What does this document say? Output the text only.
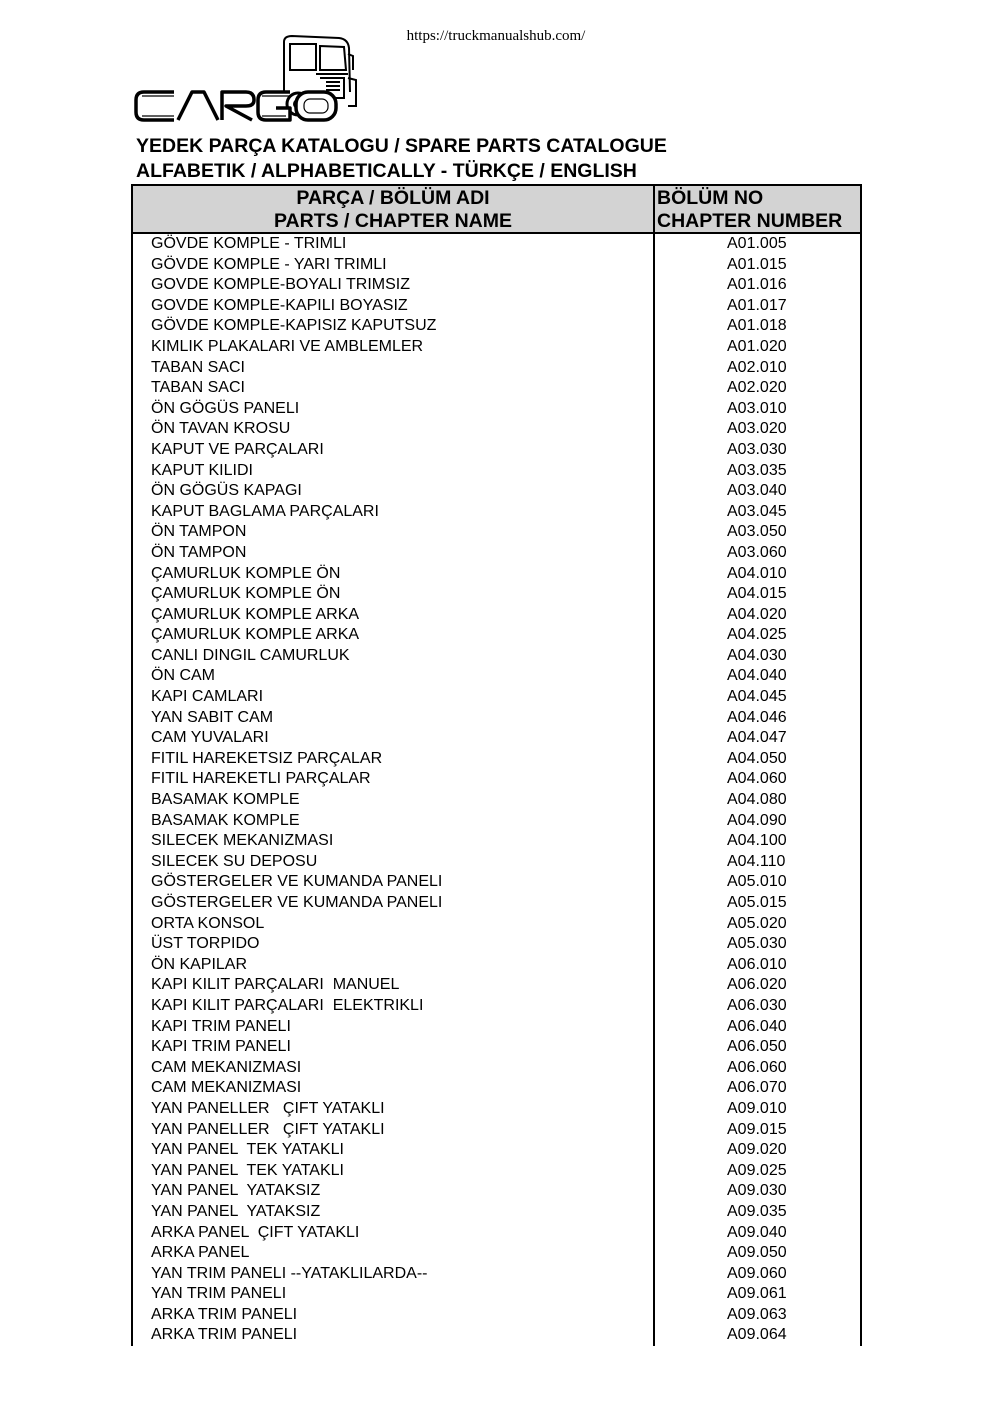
https://truckmanualshub.com/
YEDEK PARÇA KATALOGU / SPARE PARTS CATALOGUE
ALFABETIK / ALPHABETICALLY - TÜRKÇE / ENGLISH
PARÇA / BÖLÜM ADI
PARTS / CHAPTER NAME
BÖLÜM NO
CHAPTER NUMBER
GÖVDE KOMPLE - TRIMLI	A01.005
GÖVDE KOMPLE - YARI TRIMLI	A01.015
GOVDE KOMPLE-BOYALI TRIMSIZ	A01.016
GOVDE KOMPLE-KAPILI BOYASIZ	A01.017
GÖVDE KOMPLE-KAPISIZ KAPUTSUZ	A01.018
KIMLIK PLAKALARI VE AMBLEMLER	A01.020
TABAN SACI	A02.010
TABAN SACI	A02.020
ÖN GÖGÜS PANELI	A03.010
ÖN TAVAN KROSU	A03.020
KAPUT VE PARÇALARI	A03.030
KAPUT KILIDI	A03.035
ÖN GÖGÜS KAPAGI	A03.040
KAPUT BAGLAMA PARÇALARI	A03.045
ÖN TAMPON	A03.050
ÖN TAMPON	A03.060
ÇAMURLUK KOMPLE ÖN	A04.010
ÇAMURLUK KOMPLE ÖN	A04.015
ÇAMURLUK KOMPLE ARKA	A04.020
ÇAMURLUK KOMPLE ARKA	A04.025
CANLI DINGIL CAMURLUK	A04.030
ÖN CAM	A04.040
KAPI CAMLARI	A04.045
YAN SABIT CAM	A04.046
CAM YUVALARI	A04.047
FITIL HAREKETSIZ PARÇALAR	A04.050
FITIL HAREKETLI PARÇALAR	A04.060
BASAMAK KOMPLE	A04.080
BASAMAK KOMPLE	A04.090
SILECEK MEKANIZMASI	A04.100
SILECEK SU DEPOSU	A04.110
GÖSTERGELER VE KUMANDA PANELI	A05.010
GÖSTERGELER VE KUMANDA PANELI	A05.015
ORTA KONSOL	A05.020
ÜST TORPIDO	A05.030
ÖN KAPILAR	A06.010
KAPI KILIT PARÇALARI  MANUEL	A06.020
KAPI KILIT PARÇALARI  ELEKTRIKLI	A06.030
KAPI TRIM PANELI	A06.040
KAPI TRIM PANELI	A06.050
CAM MEKANIZMASI	A06.060
CAM MEKANIZMASI	A06.070
YAN PANELLER   ÇIFT YATAKLI	A09.010
YAN PANELLER   ÇIFT YATAKLI	A09.015
YAN PANEL  TEK YATAKLI	A09.020
YAN PANEL  TEK YATAKLI	A09.025
YAN PANEL  YATAKSIZ	A09.030
YAN PANEL  YATAKSIZ	A09.035
ARKA PANEL  ÇIFT YATAKLI	A09.040
ARKA PANEL	A09.050
YAN TRIM PANELI --YATAKLILARDA--	A09.060
YAN TRIM PANELI	A09.061
ARKA TRIM PANELI	A09.063
ARKA TRIM PANELI	A09.064
